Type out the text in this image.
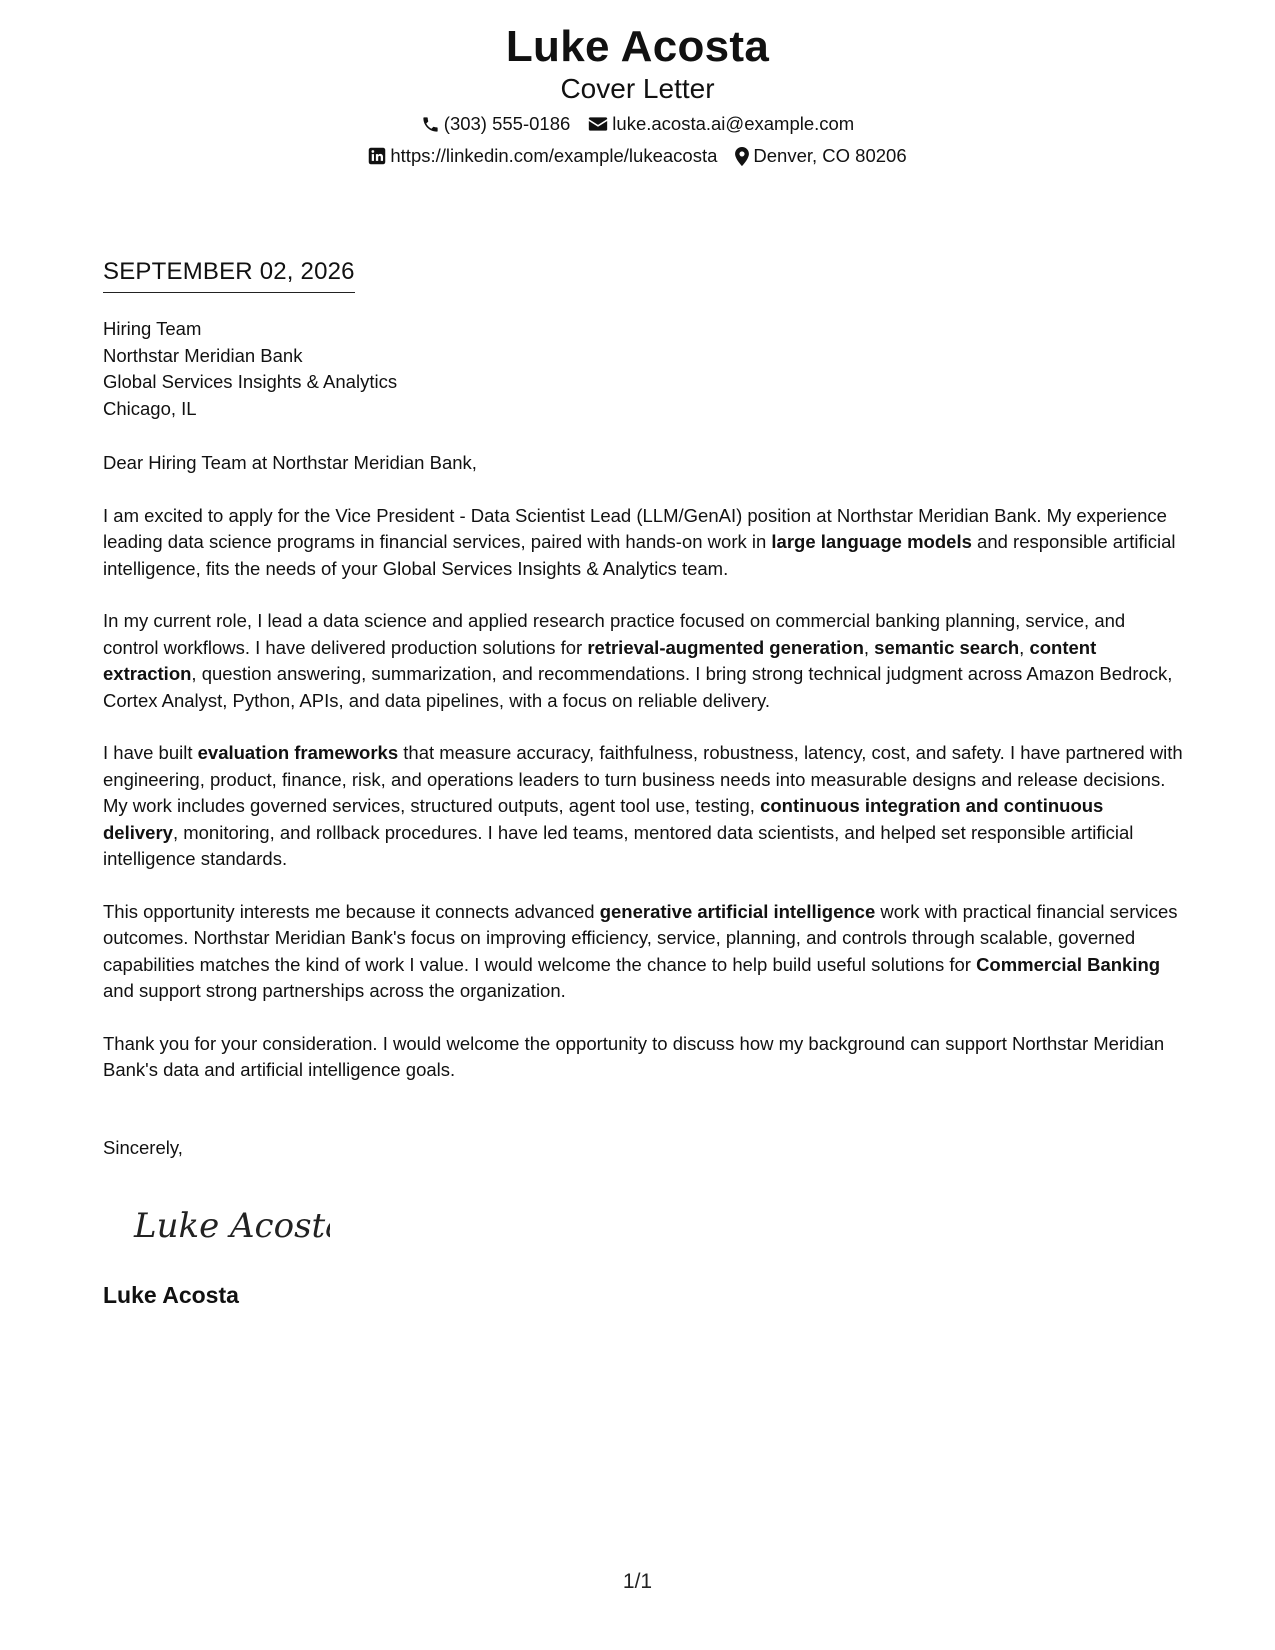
Luke Acosta
Cover Letter
(303) 555-0186 luke.acosta.ai@example.com
https://linkedin.com/example/lukeacosta Denver, CO 80206
SEPTEMBER 02, 2026
Hiring Team
Northstar Meridian Bank
Global Services Insights & Analytics
Chicago, IL

Dear Hiring Team at Northstar Meridian Bank,

I am excited to apply for the Vice President - Data Scientist Lead (LLM/GenAI) position at Northstar Meridian Bank. My experience leading data science programs in financial services, paired with hands-on work in large language models and responsible artificial intelligence, fits the needs of your Global Services Insights & Analytics team.

In my current role, I lead a data science and applied research practice focused on commercial banking planning, service, and control workflows. I have delivered production solutions for retrieval-augmented generation, semantic search, content extraction, question answering, summarization, and recommendations. I bring strong technical judgment across Amazon Bedrock, Cortex Analyst, Python, APIs, and data pipelines, with a focus on reliable delivery.

I have built evaluation frameworks that measure accuracy, faithfulness, robustness, latency, cost, and safety. I have partnered with engineering, product, finance, risk, and operations leaders to turn business needs into measurable designs and release decisions. My work includes governed services, structured outputs, agent tool use, testing, continuous integration and continuous delivery, monitoring, and rollback procedures. I have led teams, mentored data scientists, and helped set responsible artificial intelligence standards.

This opportunity interests me because it connects advanced generative artificial intelligence work with practical financial services outcomes. Northstar Meridian Bank's focus on improving efficiency, service, planning, and controls through scalable, governed capabilities matches the kind of work I value. I would welcome the chance to help build useful solutions for Commercial Banking and support strong partnerships across the organization.

Thank you for your consideration. I would welcome the opportunity to discuss how my background can support Northstar Meridian Bank's data and artificial intelligence goals.

Sincerely,
Luke Acosta
Luke Acosta
1/1
